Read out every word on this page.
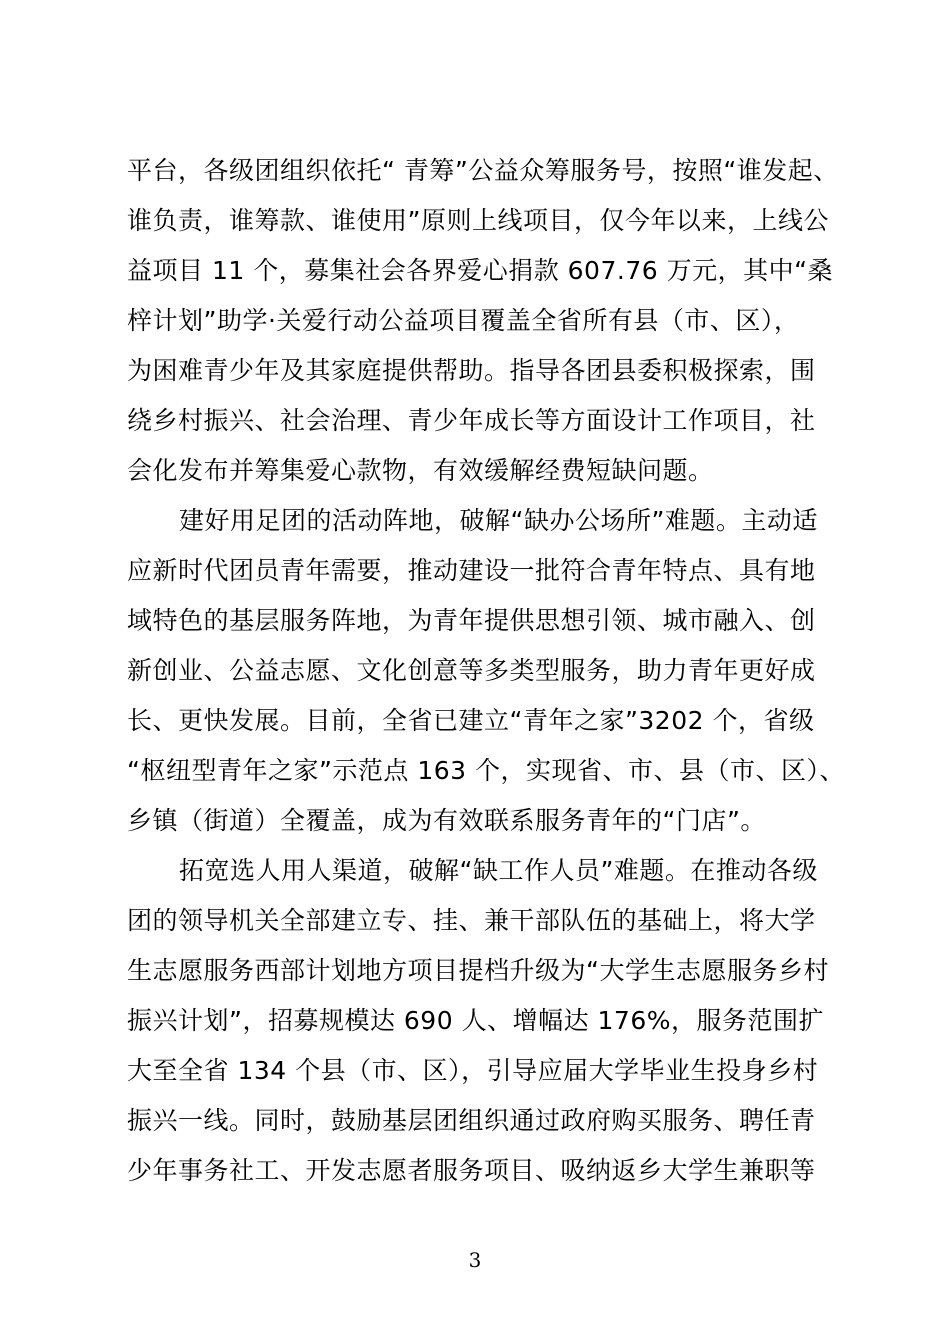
平台，各级团组织依托“ 青筹”公益众筹服务号，按照“谁发起、
谁负责，谁筹款、谁使用”原则上线项目，仅今年以来，上线公
益项目 11 个，募集社会各界爱心捐款 607.76 万元，其中“桑
梓计划”助学·关爱行动公益项目覆盖全省所有县（市、区），
为困难青少年及其家庭提供帮助。指导各团县委积极探索，围
绕乡村振兴、社会治理、青少年成长等方面设计工作项目，社
会化发布并筹集爱心款物，有效缓解经费短缺问题。
建好用足团的活动阵地，破解“缺办公场所”难题。主动适
应新时代团员青年需要，推动建设一批符合青年特点、具有地
域特色的基层服务阵地，为青年提供思想引领、城市融入、创
新创业、公益志愿、文化创意等多类型服务，助力青年更好成
长、更快发展。目前，全省已建立“青年之家”3202 个，省级
“枢纽型青年之家”示范点 163 个，实现省、市、县（市、区）、
乡镇（街道）全覆盖，成为有效联系服务青年的“门店”。
拓宽选人用人渠道，破解“缺工作人员”难题。在推动各级
团的领导机关全部建立专、挂、兼干部队伍的基础上，将大学
生志愿服务西部计划地方项目提档升级为“大学生志愿服务乡村
振兴计划”，招募规模达 690 人、增幅达 176%，服务范围扩
大至全省 134 个县（市、区），引导应届大学毕业生投身乡村
振兴一线。同时，鼓励基层团组织通过政府购买服务、聘任青
少年事务社工、开发志愿者服务项目、吸纳返乡大学生兼职等
3
